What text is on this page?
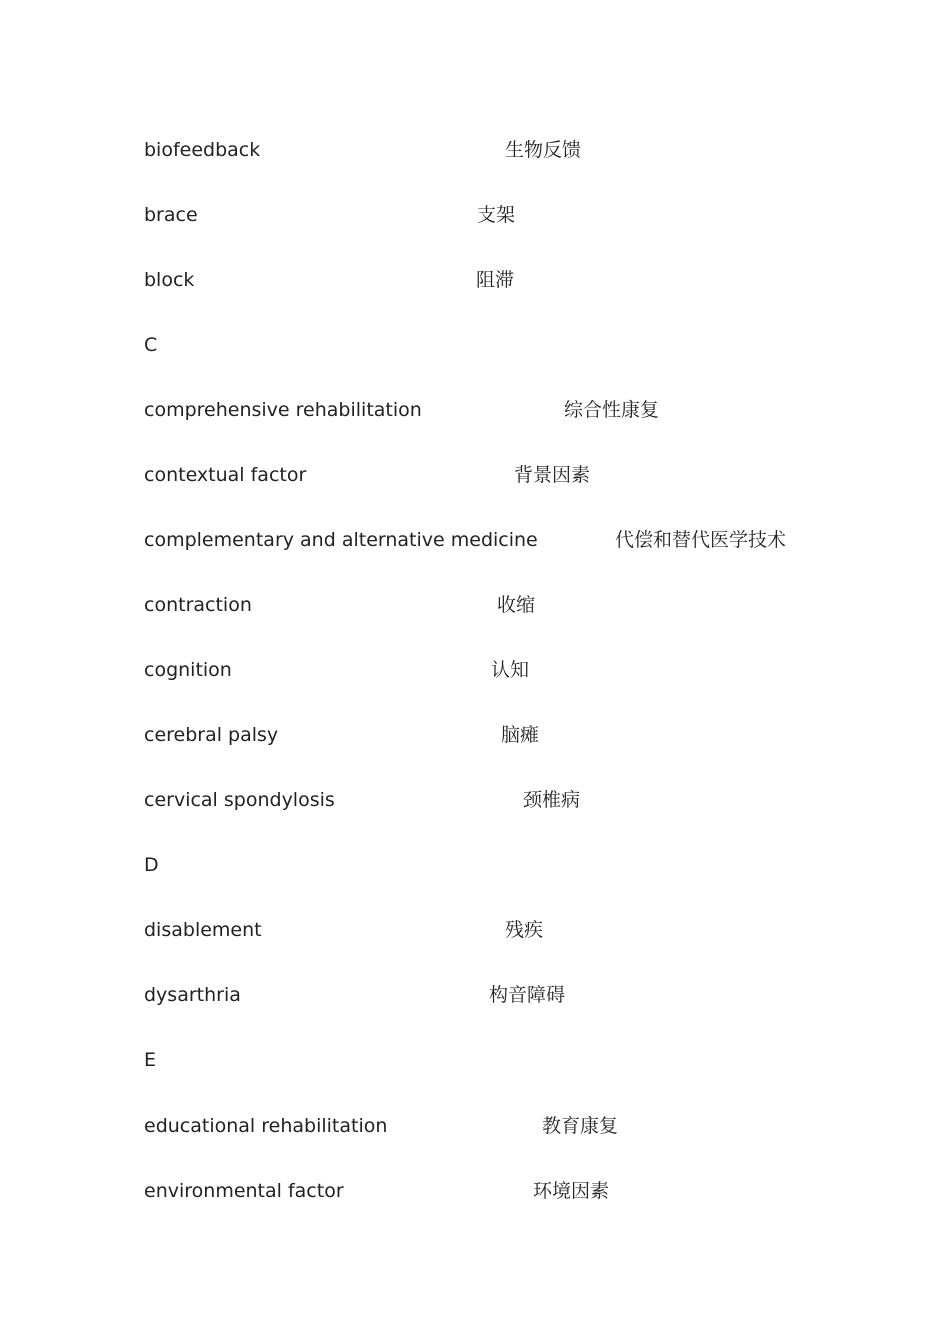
biofeedback	生物反馈
brace	支架
block	阻滞
C
comprehensive rehabilitation	综合性康复
contextual factor	背景因素
complementary and alternative medicine	代偿和替代医学技术
contraction	收缩
cognition	认知
cerebral palsy	脑瘫
cervical spondylosis	颈椎病
D
disablement	残疾
dysarthria	构音障碍
E
educational rehabilitation	教育康复
environmental factor	环境因素
